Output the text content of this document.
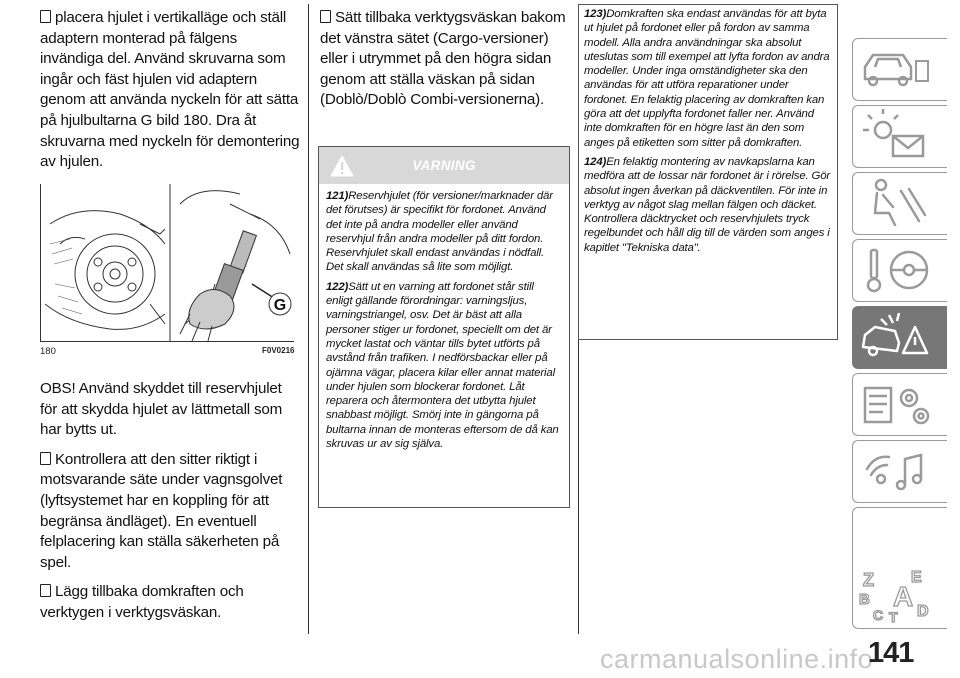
placera hjulet i vertikalläge och ställ adaptern monterad på fälgens invändiga del. Använd skruvarna som ingår och fäst hjulen vid adaptern genom att använda nyckeln för att sätta på hjulbultarna G bild 180. Dra åt skruvarna med nyckeln för demontering av hjulen.

G
180	F0V0216

OBS! Använd skyddet till reservhjulet för att skydda hjulet av lättmetall som har bytts ut.

Kontrollera att den sitter riktigt i motsvarande säte under vagnsgolvet (lyftsystemet har en koppling för att begränsa ändläget). En eventuell felplacering kan ställa säkerheten på spel.

Lägg tillbaka domkraften och verktygen i verktygsväskan.

Sätt tillbaka verktygsväskan bakom det vänstra sätet (Cargo-versioner) eller i utrymmet på den högra sidan genom att ställa väskan på sidan (Doblò/Doblò Combi-versionerna).

VARNING

121)Reservhjulet (för versioner/marknader där det förutses) är specifikt för fordonet. Använd det inte på andra modeller eller använd reservhjul från andra modeller på ditt fordon. Reservhjulet skall endast användas i nödfall. Det skall användas så lite som möjligt.

122)Sätt ut en varning att fordonet står still enligt gällande förordningar: varningsljus, varningstriangel, osv. Det är bäst att alla personer stiger ur fordonet, speciellt om det är mycket lastat och väntar tills bytet utförts på avstånd från trafiken. I nedförsbackar eller på ojämna vägar, placera kilar eller annat material under hjulen som blockerar fordonet. Låt reparera och återmontera det utbytta hjulet snabbast möjligt. Smörj inte in gängorna på bultarna innan de monteras eftersom de då kan skruvas ur av sig själva.

123)Domkraften ska endast användas för att byta ut hjulet på fordonet eller på fordon av samma modell. Alla andra användningar ska absolut uteslutas som till exempel att lyfta fordon av andra modeller. Under inga omständigheter ska den användas för att utföra reparationer under fordonet. En felaktig placering av domkraften kan göra att det upplyfta fordonet faller ner. Använd inte domkraften för en högre last än den som anges på etiketten som sitter på domkraften.

124)En felaktig montering av navkapslarna kan medföra att de lossar när fordonet är i rörelse. Gör absolut ingen åverkan på däckventilen. För inte in verktyg av något slag mellan fälgen och däcket. Kontrollera däcktrycket och reservhjulets tryck regelbundet och håll dig till de värden som anges i kapitlet "Tekniska data".

Z E
B A
C T D
carmanualsonline.info
141
